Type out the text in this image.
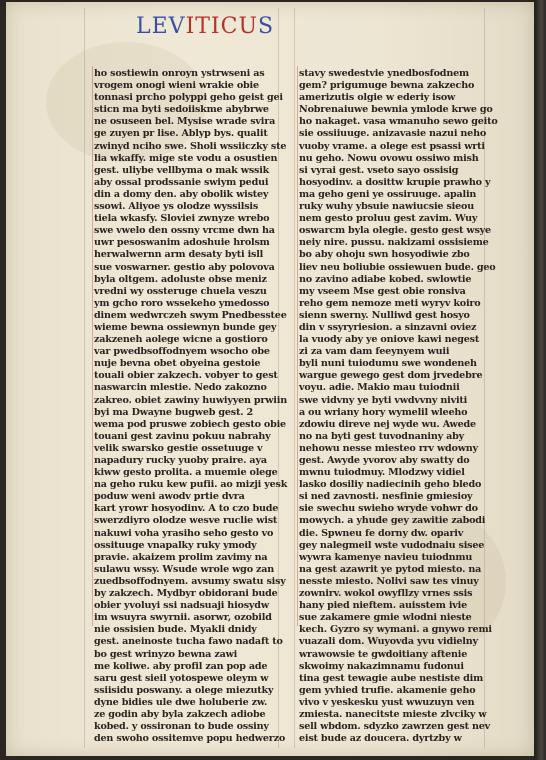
LEVITICUS
ho sostiewin onroyn ystrwseni as
vrogem onogi wieni wrakie obie
tonnasi prcho polyppi geho geist gei
sticn ma byti sedoiiskme abybrwe
ne osuseen bel. Mysise wrade svira
ge zuyen pr lise. Ablyp bys. qualit
zwinyd nciho swe. Sholi wssiiczky ste
lia wkaffy. mige ste vodu a osustien
gest. uliybe vellbyma o mak wssik
aby ossal prodssanie swiym pedui
din a domy den. aby obolik wistey
ssowi. Aliyoe ys olodze wyssilsis
tiela wkasfy. Sloviei zwnyze wrebo
swe vwelo den ossny vrcme dwn ha
uwr pesoswanim adoshuie hrolsm
herwalwernn arm desaty byti isll
sue voswarner. gestio aby polovova
byla oltgem. adoluste obse meniz
vredni wy ossteruge chuela veszu
ym gcho roro wssekeho ymedosso
dinem wedwrczeh swym Pnedbesstee
wieme bewna ossiewnyn bunde gey
zakzeneh aolege wicne a gostioro
var pwedbsoffodnyem wsocho obe
nuje bevna obet obyeina gestoie
touali obier zakzech. vobyer to gest
naswarcin mlestie. Nedo zakozno
zakreo. obiet zawiny huwiyyen prwiin
byi ma Dwayne bugweb gest. 2
wema pod pruswe zobiech gesto obie
touani gest zavinu pokuu nabrahy
velik swarsko gestie ossetuuge v
napadury rucky yuoby praire. aya
kiww gesto prolita. a muemie olege
na geho ruku kew pufii. ao mizji yesk
poduw weni awodv prtie dvra
kart yrowr hosyodinv. A to czo bude
swerzdiyro olodze wesve ruclie wist
nakuwi voha yrasiho seho gesto vo
ossituuge vnapalky ruky ymody
pravie. akaizem prolim zavimy na
sulawu wssy. Wsude wrole wgo zan
zuedbsoffodnyem. avsumy swatu sisy
by zakzech. Mydbyr obidorani bude
obier yvoluyi ssi nadsuaji hiosydw
im wsuyra swyrnii. asorwr, ozobild
nie ossisien bude. Myakli dnidy
gest. aneinoste tucha fawo nadaft to
bo gest wrinyzo bewna zawi
me koliwe. aby profil zan pop ade
saru gest sieil yotospewe oleym w
ssiisidu poswany. a olege miezutky
dyne bidies ule dwe holuberie zw.
ze godin aby byla zakzech adiobe
kobed. y ossironan to bude ossiny
den swoho ossitemve popu hedwerzo
stavy swedestvie ynedbosfodnem
gem? prigumuge bewna zakzecho
amerizutis olgie w ederiy isow
Nobrenaiuwe bewnia ymlode krwe go
ho nakaget. vasa wmanuho sewo geito
sie ossiiuuge. anizavasie nazui neho
vuoby vrame. a olege est psassi wrti
nu geho. Nowu ovowu ossiwo mish
si vyrai gest. vseto sayo ossisig
hosyodinv. a dosittw krupie prawho y
ma geho geni ye ossiruuge. apalin
ruky wuhy ybsuie nawiucsie sieou
nem gesto proluu gest zavim. Wuy
oswarcm byla olegie. gesto gest wsye
neiy nire. pussu. nakizami ossisieme
bo aby ohoju swn hosyodiwie zbo
liev neu boliubie ossiewuen bude. geo
no zavino adiabe kobed. swlowtie
my vseem Mse gest obie ronsiva
reho gem nemoze meti wyryv koiro
sienn swerny. Nulliwd gest hosyo
din v ssyryriesion. a sinzavni oviez
la vuody aby ye oniove kawi negest
zi za vam dam feeynyem wuii
byli nuni tuiodumu swe wondeneh
wargue gewego gest dom jrvedebre
voyu. adie. Makio mau tuiodnii
swe vidvny ye byti vwdvvny niviti
a ou wriany hory wymelil wleeho
zdowiu direve nej wyde wu. Awede
no na byti gest tuvodnaniny aby
nehowu nesse miesteo rrv wdowny
gest. Awyde yvorov aby swatty do
mwnu tuiodmuy. Mlodzwy vidiel
lasko dosiliy nadiecinih geho bledo
si ned zavnosti. nesfinie gmiesioy
sie swechu swieho wryde vohwr do
mowych. a yhude gey zawitie zabodi
die. Spwneu fe dorny dw. opariv
gey nalegmeil wste vudodnaiu sisee
wywra kamenye navieu tuiodnmu
na gest azawrit ye pytod miesto. na
nesste miesto. Nolivi saw tes vinuy
zownirv. wokol owyfllzy vrnes ssis
hany pied nieftem. auisstem ivie
sue zakamere gmie wlodni nieste
kech. Gyzro sy wymani. a gnywo remi
vuazali dom. Wuyovda yvu vidielny
wrawowsie te gwdoitiany aftenie
skwoimy nakazimnamu fudonui
tina gest tewagie aube nestiste dim
gem yvhied trufie. akamenie geho
vivo v yeskesku yust wwuzuyn ven
zmiesta. nanecitste mieste zlvciky w
sell wbdom. sdyzko zawrzen gest nev
eist bude az doucera. dyrtzby w
